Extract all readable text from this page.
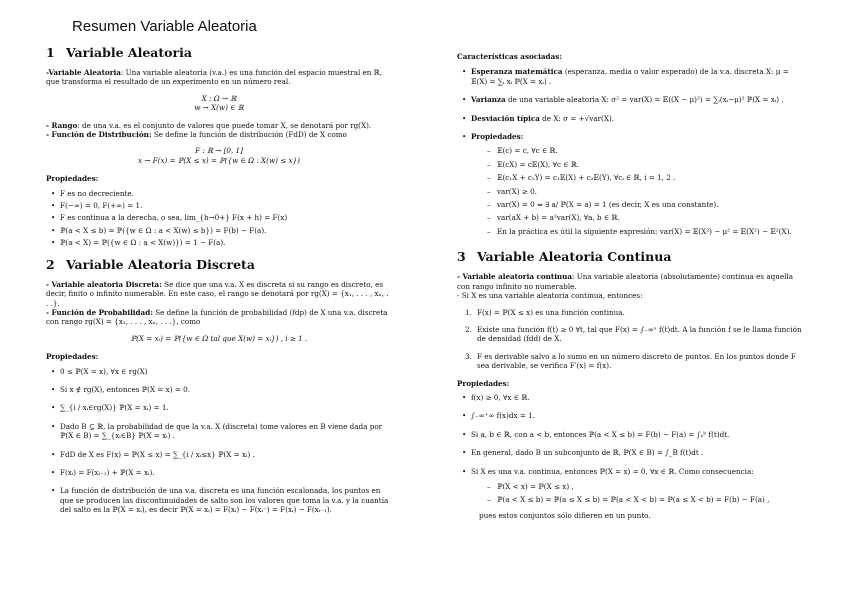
Resumen Variable Aleatoria
1 Variable Aleatoria

-Variable Aleatoria: Una variable aleatoria (v.a.) es una función del espacio muestral en ℝ, que transforma el resultado de un experimento en un número real.

X : Ω → ℝ
w → X(w) ∈ ℝ

- Rango: de una v.a. es el conjunto de valores que puede tomar X, se denotará por rg(X).

- Función de Distribución: Se define la función de distribución (FdD) de X como

F : ℝ → [0, 1]
x → F(x) = ℙ(X ≤ x) = ℙ({w ∈ Ω : X(w) ≤ x})

Propiedades:

• F es no decreciente.
• F(−∞) = 0, F(+∞) = 1.
• F es continua a la derecha, o sea, lim_{h→0+} F(x + h) = F(x)
• ℙ(a < X ≤ b) = ℙ({w ∈ Ω : a < X(w) ≤ b}) = F(b) − F(a).
• ℙ(a < X) = ℙ({w ∈ Ω : a < X(w)}) = 1 − F(a).
2 Variable Aleatoria Discreta

- Variable aleatoria Discreta: Se dice que una v.a. X es discreta si su rango es discreto, es decir, finito o infinito numerable. En este caso, el rango se denotará por rg(X) = {x₁, . . . , xₙ, . . .}.

- Función de Probabilidad: Se define la función de probabilidad (fdp) de X una v.a. discreta con rango rg(X) = {x₁, . . . , xₙ, . . .}, como

ℙ(X = xᵢ) = ℙ({w ∈ Ω tal que X(w) = xᵢ}) , i ≥ 1 .

Propiedades:

• 0 ≤ ℙ(X = x), ∀x ∈ rg(X)
• Si x ∉ rg(X), entonces ℙ(X = x) = 0.
• ∑_{i / xᵢ∈rg(X)} ℙ(X = xᵢ) = 1.
• Dado B ⊆ ℝ, la probabilidad de que la v.a. X (discreta) tome valores en B viene dada por ℙ(X ∈ B) = ∑_{xᵢ∈B} ℙ(X = xᵢ) .
• FdD de X es F(x) = ℙ(X ≤ x) = ∑_{i / xᵢ≤x} ℙ(X = xᵢ) .
• F(xᵢ) = F(xᵢ₋₁) + ℙ(X = xᵢ).
• La función de distribución de una v.a. discreta es una función escalonada, los puntos en que se producen las discontinuidades de salto son los valores que toma la v.a. y la cuantía del salto es la ℙ(X = xᵢ), es decir ℙ(X = xᵢ) = F(xᵢ) − F(xᵢ⁻) = F(xᵢ) − F(xᵢ₋₁).

Características asociadas:

• Esperanza matemática (esperanza, media o valor esperado) de la v.a. discreta X: μ = 𝔼(X) = ∑ᵢ xᵢ ℙ(X = xᵢ) .
• Varianza de una variable aleatoria X: σ² = var(X) = 𝔼((X − μ)²) = ∑ᵢ(xᵢ−μ)² ℙ(X = xᵢ) .
• Desviación típica de X: σ = +√var(X).
• Propiedades:
– 𝔼(c) = c, ∀c ∈ ℝ.
– 𝔼(cX) = c𝔼(X), ∀c ∈ ℝ.
– 𝔼(c₁X + c₂Y) = c₁𝔼(X) + c₂𝔼(Y), ∀cᵢ ∈ ℝ, i = 1, 2 .
– var(X) ≥ 0.
– var(X) = 0 ⇔ ∃ a/ ℙ(X = a) = 1 (es decir, X es una constante).
– var(aX + b) = a²var(X), ∀a, b ∈ ℝ.
– En la práctica es útil la siguiente expresión: var(X) = 𝔼(X²) − μ² = 𝔼(X²) − 𝔼²(X).
3 Variable Aleatoria Continua

- Variable aleatoria continua: Una variable aleatoria (absolutamente) continua es aquella con rango infinito no numerable.

- Si X es una variable aleatoria continua, entonces:

1. F(x) = ℙ(X ≤ x) es una función continua.
2. Existe una función f(t) ≥ 0 ∀t, tal que F(x) = ∫₋∞ˣ f(t)dt. A la función f se le llama función de densidad (fdd) de X.
3. F es derivable salvo a lo sumo en un número discreto de puntos. En los puntos donde F sea derivable, se verifica F′(x) = f(x).

Propiedades:

• f(x) ≥ 0, ∀x ∈ ℝ.
• ∫₋∞⁺∞ f(x)dx = 1.
• Si a, b ∈ ℝ, con a < b, entonces ℙ(a < X ≤ b) = F(b) − F(a) = ∫ₐᵇ f(t)dt.
• En general, dado B un subconjunto de ℝ, ℙ(X ∈ B) = ∫_B f(t)dt .
• Si X es una v.a. continua, entonces ℙ(X = x) = 0, ∀x ∈ ℝ. Como consecuencia:
– ℙ(X < x) = ℙ(X ≤ x) ,
– ℙ(a < X ≤ b) = ℙ(a ≤ X ≤ b) = ℙ(a < X < b) = ℙ(a ≤ X < b) = F(b) − F(a) ,

pues estos conjuntos sólo difieren en un punto.
